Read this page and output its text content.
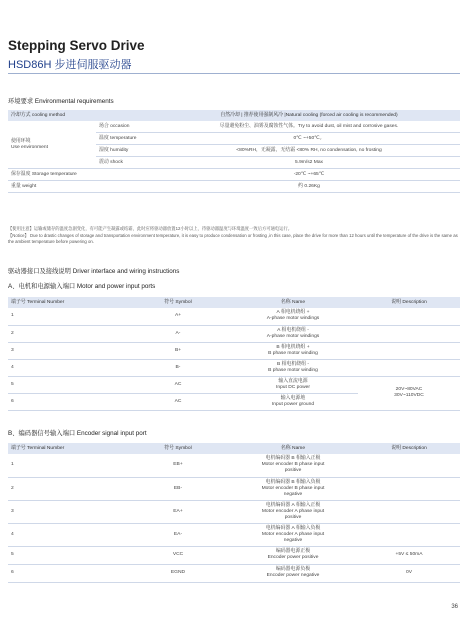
Stepping Servo Drive
HSD86H 步进伺服驱动器
环境要求 Environmental requirements
冷却方式 cooling method		自然冷却 | 推荐使用强制风冷 |Natural cooling (forced air cooling is recommended)
使用环境
Use environment	场合 occasion	尽量避免粉尘、油雾及腐蚀性气体。Try to avoid dust, oil mist and corrosive gases.
	温度 temperature	0℃ ~+50℃。
	湿度 humidity	<80%RH，无凝露，无结霜 <80% RH, no condensation, no frosting
	震动 shock	5.9m/s2 Max
保存温度 Storage temperature		-20℃ ~+65℃
重量 weight		约 0.26Kg
【使用注意】运输或储存的温度急剧变化，有可能产生凝露或结霜，此时应将驱动器放置12小时以上，待驱动器温度与环境温度一致后方可通电运行。
【Notice】 Due to drastic changes of storage and transportation environment temperature, it is easy to produce condensation or frosting ,in this case, place the drive for more than 12 hours until the temperature of the drive is the same as the ambient temperature before powering on.
驱动器接口及接线说明 Driver interface and wiring instructions
A、电机和电源输入端口 Motor and power input ports
端子号 Terminal Number	符号 Symbol	名称 Name	说明 Description
1	A+	A 相电机绕组 +
A-phase motor windings	
2	A-	A 相电机绕组 -
A-phase motor windings	
3	B+	B 相电机绕组 +
B phase motor winding	
4	B-	B 相电机绕组 -
B phase motor winding	
5	AC	输入直流电源
Input DC power	20V~80VAC
30V~110VDC
6	AC	输入电源地
Input power ground	
B、编码器信号输入端口 Encoder signal input port
端子号 Terminal Number	符号 Symbol	名称 Name	说明 Description
1	EB+	电机编码器 B 相输入正极
Motor encoder B phase input
positive	
2	EB-	电机编码器 B 相输入负极
Motor encoder B phase input
negative	
3	EA+	电机编码器 A 相输入正极
Motor encoder A phase input
positive	
4	EA-	电机编码器 A 相输入负极
Motor encoder A phase input
negative	
5	VCC	编码器电源正极
Encoder power positive	+5V ≤ 50mA
6	EGND	编码器电源负极
Encoder power negative	0V
36
